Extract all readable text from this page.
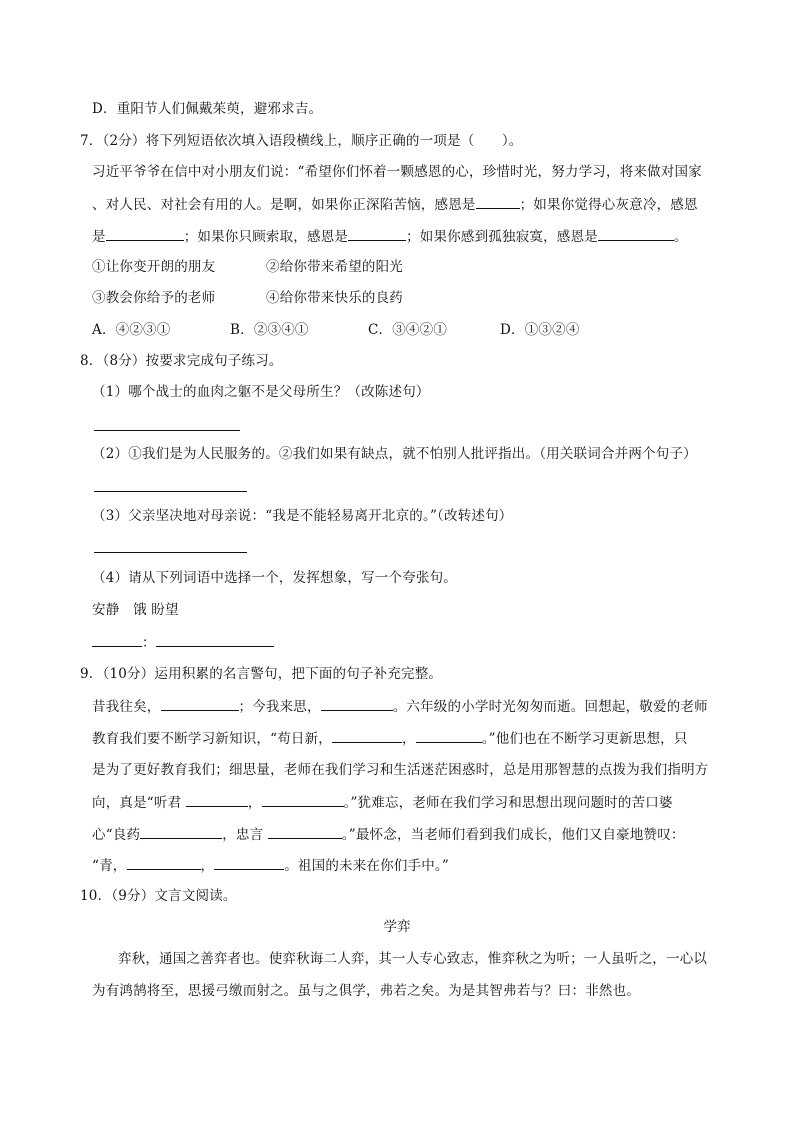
D．重阳节人们佩戴茱萸，避邪求吉。
7．（2分）将下列短语依次填入语段横线上，顺序正确的一项是（　　）。
习近平爷爷在信中对小朋友们说：“希望你们怀着一颗感恩的心，珍惜时光，努力学习，将来做对国家
、对人民、对社会有用的人。是啊，如果你正深陷苦恼，感恩是	；如果你觉得心灰意冷，感恩
是	；如果你只顾索取，感恩是	；如果你感到孤独寂寞，感恩是	。
①让你变开朗的朋友	②给你带来希望的阳光
③教会你给予的老师	④给你带来快乐的良药
A．④②③①	B．②③④①	C．③④②①	D．①③②④
8．（8分）按要求完成句子练习。
（1）哪个战士的血肉之躯不是父母所生？（改陈述句）
（2）①我们是为人民服务的。②我们如果有缺点，就不怕别人批评指出。（用关联词合并两个句子）
（3）父亲坚决地对母亲说：“我是不能轻易离开北京的。”（改转述句）
（4）请从下列词语中选择一个，发挥想象，写一个夸张句。
安静　饿 盼望
：
9．（10分）运用积累的名言警句，把下面的句子补充完整。
昔我往矣，	；今我来思，	。六年级的小学时光匆匆而逝。回想起，敬爱的老师
教育我们要不断学习新知识，“苟日新，	，	。”他们也在不断学习更新思想，只
是为了更好教育我们；细思量，老师在我们学习和生活迷茫困惑时，总是用那智慧的点拨为我们指明方
向，真是“听君	，	。”犹难忘，老师在我们学习和思想出现问题时的苦口婆
心“良药	，忠言	。”最怀念，当老师们看到我们成长，他们又自豪地赞叹：
“青，	，	。祖国的未来在你们手中。”
10．（9分）文言文阅读。
学弈
弈秋，通国之善弈者也。使弈秋诲二人弈，其一人专心致志，惟弈秋之为听；一人虽听之，一心以
为有鸿鹄将至，思援弓缴而射之。虽与之俱学，弗若之矣。为是其智弗若与？曰：非然也。
